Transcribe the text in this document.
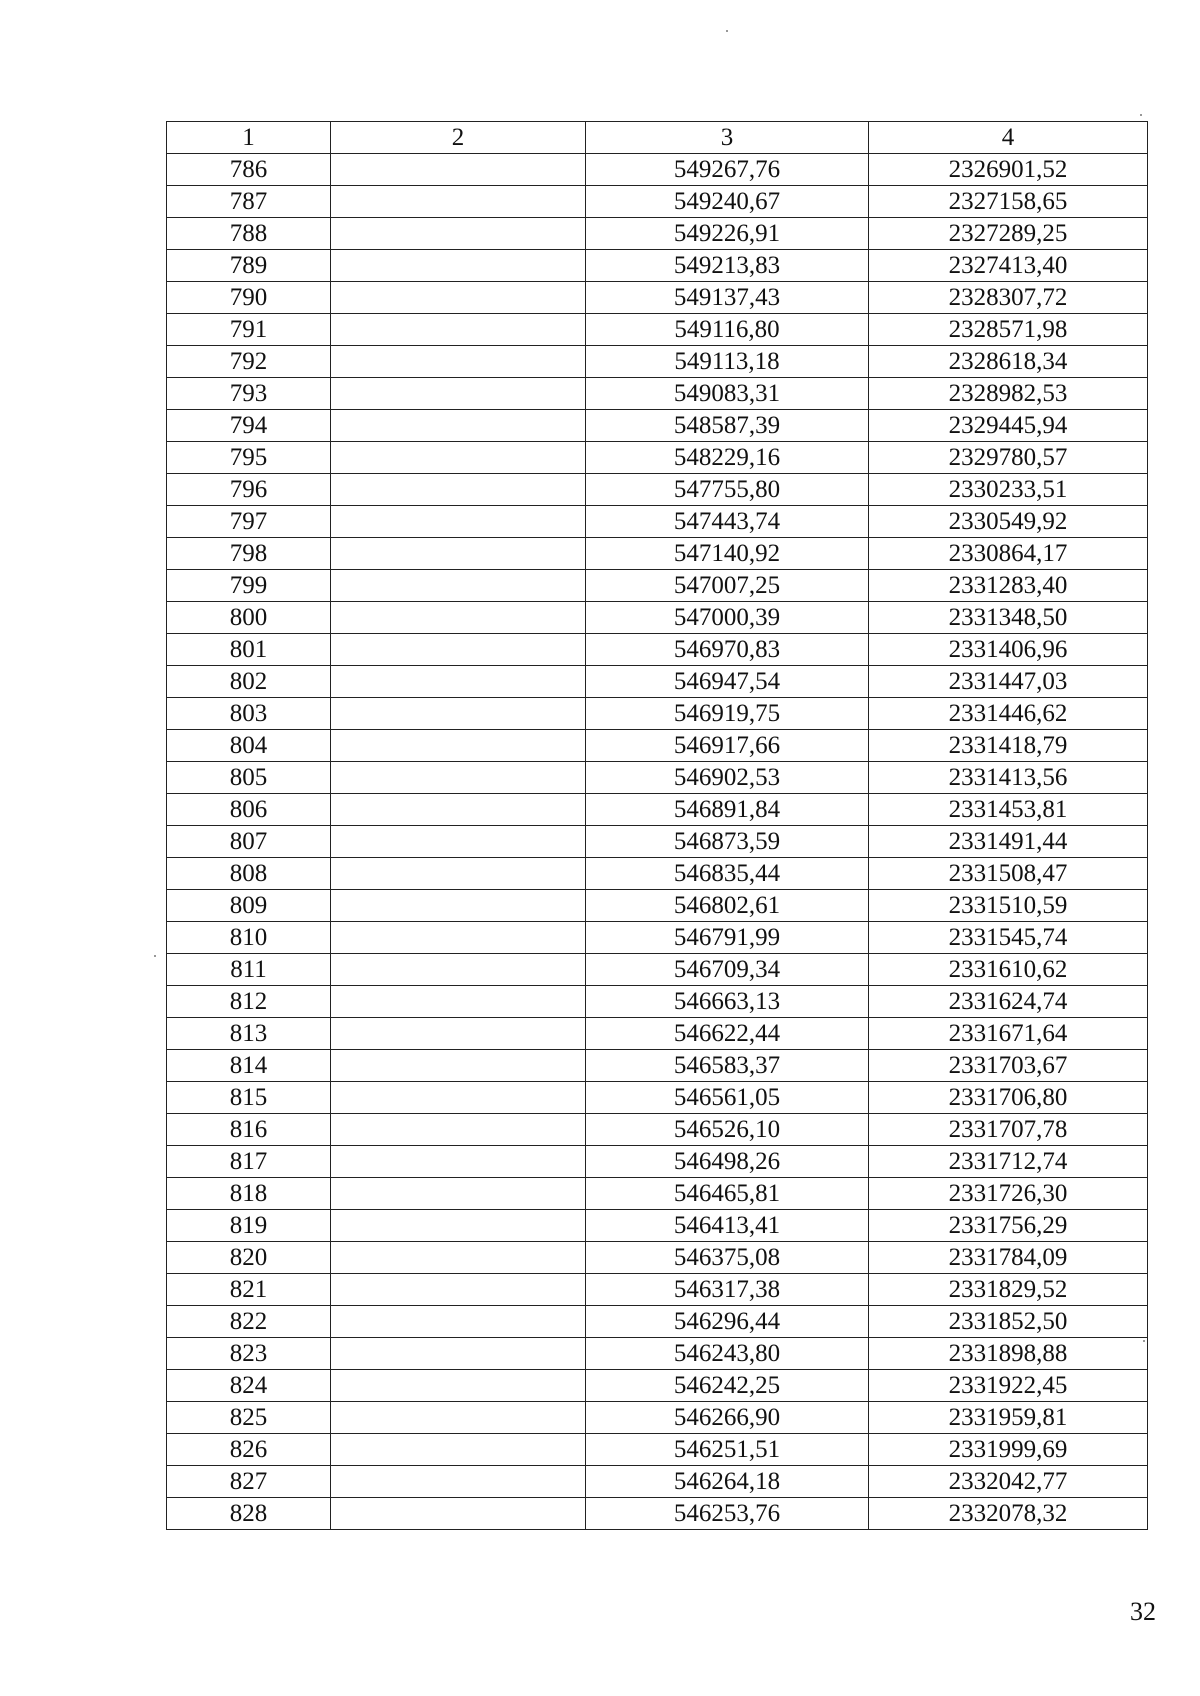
1	2	3	4
786		549267,76	2326901,52
787		549240,67	2327158,65
788		549226,91	2327289,25
789		549213,83	2327413,40
790		549137,43	2328307,72
791		549116,80	2328571,98
792		549113,18	2328618,34
793		549083,31	2328982,53
794		548587,39	2329445,94
795		548229,16	2329780,57
796		547755,80	2330233,51
797		547443,74	2330549,92
798		547140,92	2330864,17
799		547007,25	2331283,40
800		547000,39	2331348,50
801		546970,83	2331406,96
802		546947,54	2331447,03
803		546919,75	2331446,62
804		546917,66	2331418,79
805		546902,53	2331413,56
806		546891,84	2331453,81
807		546873,59	2331491,44
808		546835,44	2331508,47
809		546802,61	2331510,59
810		546791,99	2331545,74
811		546709,34	2331610,62
812		546663,13	2331624,74
813		546622,44	2331671,64
814		546583,37	2331703,67
815		546561,05	2331706,80
816		546526,10	2331707,78
817		546498,26	2331712,74
818		546465,81	2331726,30
819		546413,41	2331756,29
820		546375,08	2331784,09
821		546317,38	2331829,52
822		546296,44	2331852,50
823		546243,80	2331898,88
824		546242,25	2331922,45
825		546266,90	2331959,81
826		546251,51	2331999,69
827		546264,18	2332042,77
828		546253,76	2332078,32
32
